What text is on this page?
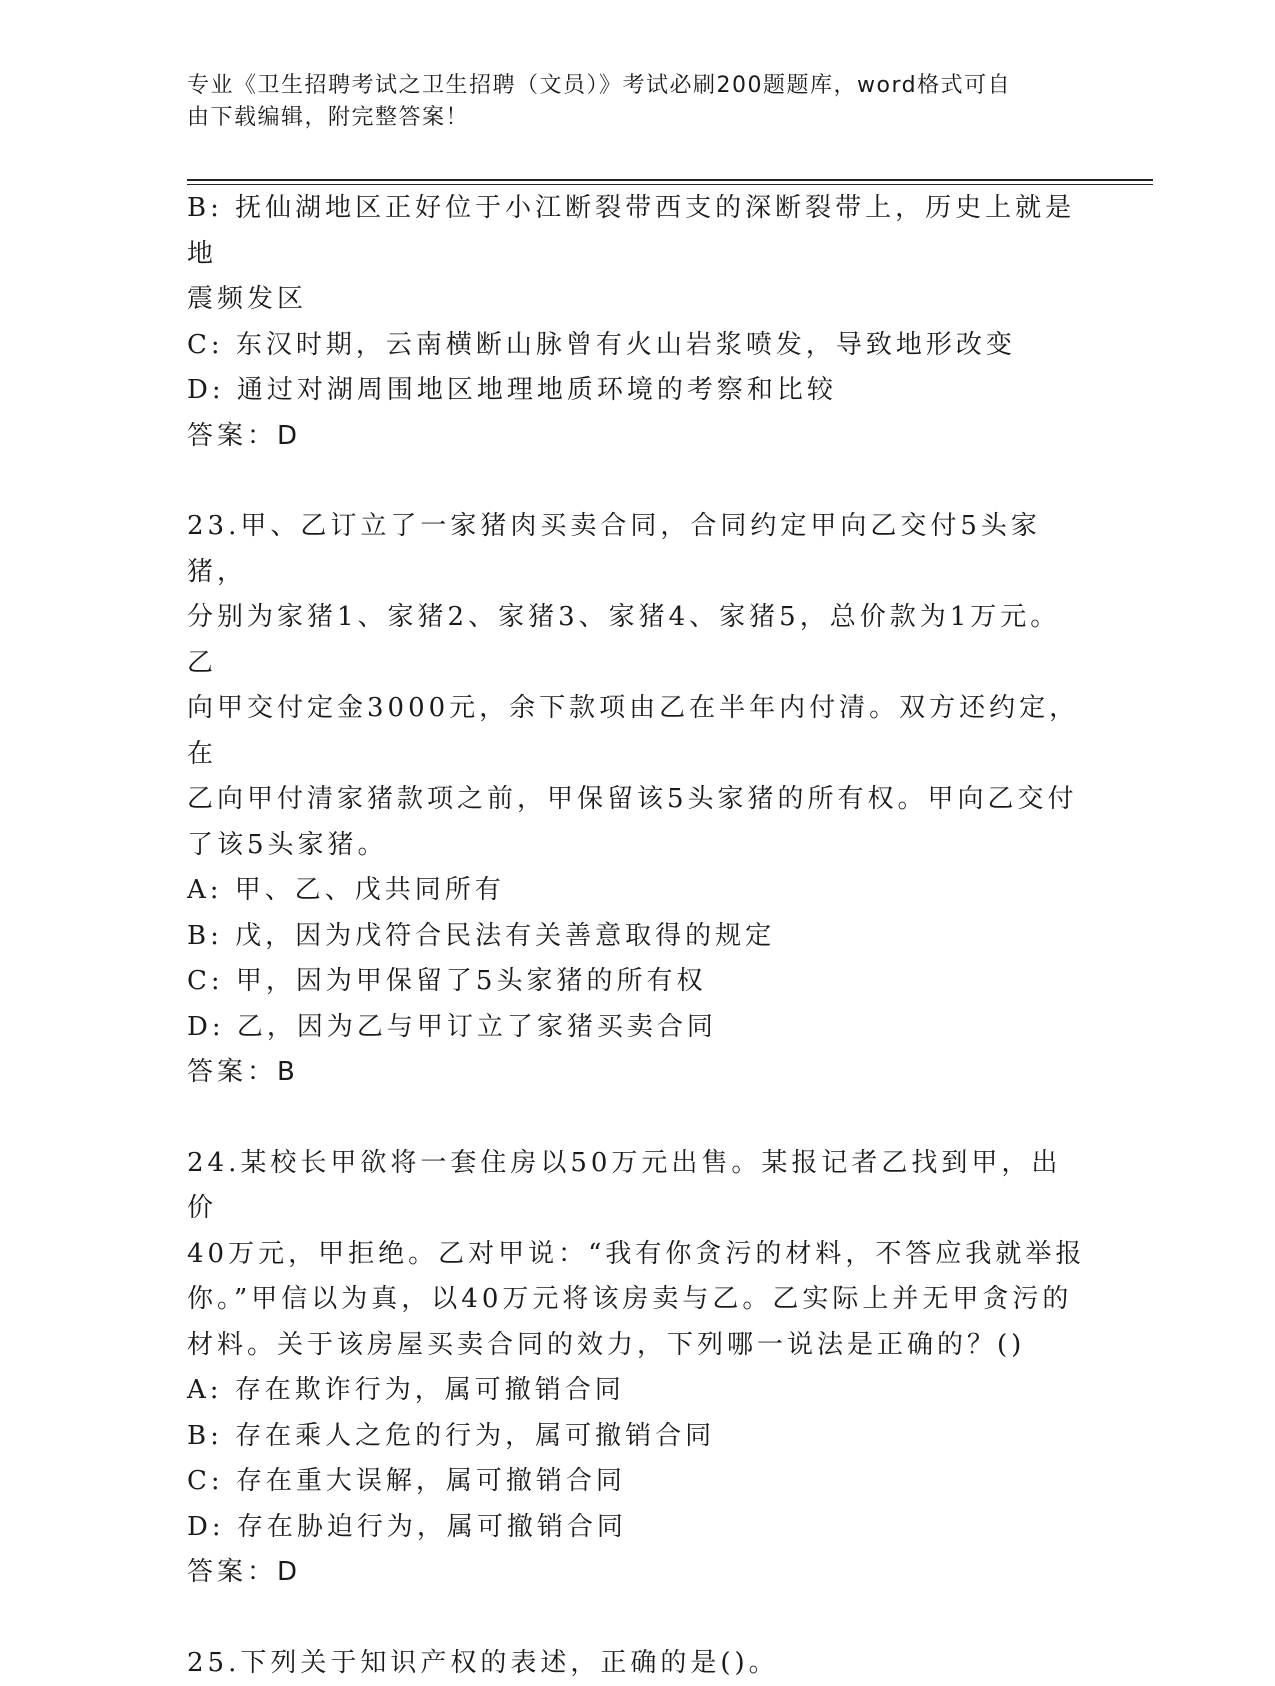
专业《卫生招聘考试之卫生招聘（文员）》考试必刷200题题库，word格式可自
由下载编辑，附完整答案！

B: 抚仙湖地区正好位于小江断裂带西支的深断裂带上，历史上就是地

震频发区

C: 东汉时期，云南横断山脉曾有火山岩浆喷发，导致地形改变

D: 通过对湖周围地区地理地质环境的考察和比较

答案：D

23.甲、乙订立了一家猪肉买卖合同，合同约定甲向乙交付5头家猪，

分别为家猪1、家猪2、家猪3、家猪4、家猪5，总价款为1万元。乙

向甲交付定金3000元，余下款项由乙在半年内付清。双方还约定，在

乙向甲付清家猪款项之前，甲保留该5头家猪的所有权。甲向乙交付

了该5头家猪。

A: 甲、乙、戊共同所有

B: 戊，因为戊符合民法有关善意取得的规定

C: 甲，因为甲保留了5头家猪的所有权

D: 乙，因为乙与甲订立了家猪买卖合同

答案：B

24.某校长甲欲将一套住房以50万元出售。某报记者乙找到甲，出价

40万元，甲拒绝。乙对甲说：“我有你贪污的材料，不答应我就举报

你。”甲信以为真，以40万元将该房卖与乙。乙实际上并无甲贪污的

材料。关于该房屋买卖合同的效力，下列哪一说法是正确的？()

A: 存在欺诈行为，属可撤销合同

B: 存在乘人之危的行为，属可撤销合同

C: 存在重大误解，属可撤销合同

D: 存在胁迫行为，属可撤销合同

答案：D

25.下列关于知识产权的表述，正确的是()。
